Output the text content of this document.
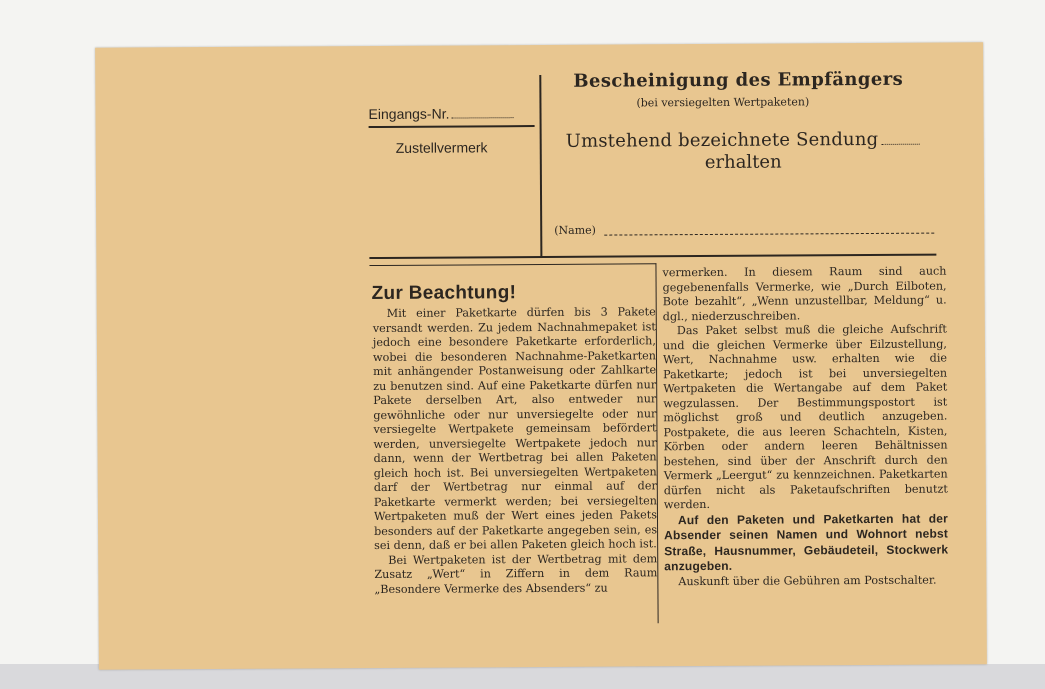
Eingangs-Nr.
Zustellvermerk
Bescheinigung des Empfängers
(bei versiegelten Wertpaketen)
Umstehend bezeichnete Sendung
erhalten
(Name)
Zur Beachtung!

Mit einer Paketkarte dürfen bis 3 Pakete versandt werden. Zu jedem Nachnahmepaket ist jedoch eine besondere Paketkarte erforderlich, wobei die besonderen Nachnahme-Paketkarten mit anhängender Postanweisung oder Zahlkarte zu benutzen sind. Auf eine Paketkarte dürfen nur Pakete derselben Art, also entweder nur gewöhnliche oder nur unversiegelte oder nur versiegelte Wertpakete gemeinsam befördert werden, unversiegelte Wertpakete jedoch nur dann, wenn der Wertbetrag bei allen Paketen gleich hoch ist. Bei unversiegelten Wertpaketen darf der Wertbetrag nur einmal auf der Paketkarte vermerkt werden; bei versiegelten Wertpaketen muß der Wert eines jeden Pakets besonders auf der Paketkarte angegeben sein, es sei denn, daß er bei allen Paketen gleich hoch ist.

Bei Wertpaketen ist der Wertbetrag mit dem Zusatz „Wert“ in Ziffern in dem Raum „Besondere Vermerke des Absenders“ zu

vermerken. In diesem Raum sind auch gegebenenfalls Vermerke, wie „Durch Eilboten, Bote bezahlt“, „Wenn unzustellbar, Meldung“ u. dgl., niederzuschreiben.

Das Paket selbst muß die gleiche Aufschrift und die gleichen Vermerke über Eilzustellung, Wert, Nachnahme usw. erhalten wie die Paketkarte; jedoch ist bei unversiegelten Wertpaketen die Wertangabe auf dem Paket wegzulassen. Der Bestimmungspostort ist möglichst groß und deutlich anzugeben. Postpakete, die aus leeren Schachteln, Kisten, Körben oder andern leeren Behältnissen bestehen, sind über der Anschrift durch den Vermerk „Leergut“ zu kennzeichnen. Paketkarten dürfen nicht als Paketaufschriften benutzt werden.

Auf den Paketen und Paketkarten hat der Absender seinen Namen und Wohnort nebst Straße, Hausnummer, Gebäudeteil, Stockwerk anzugeben.

Auskunft über die Gebühren am Postschalter.
